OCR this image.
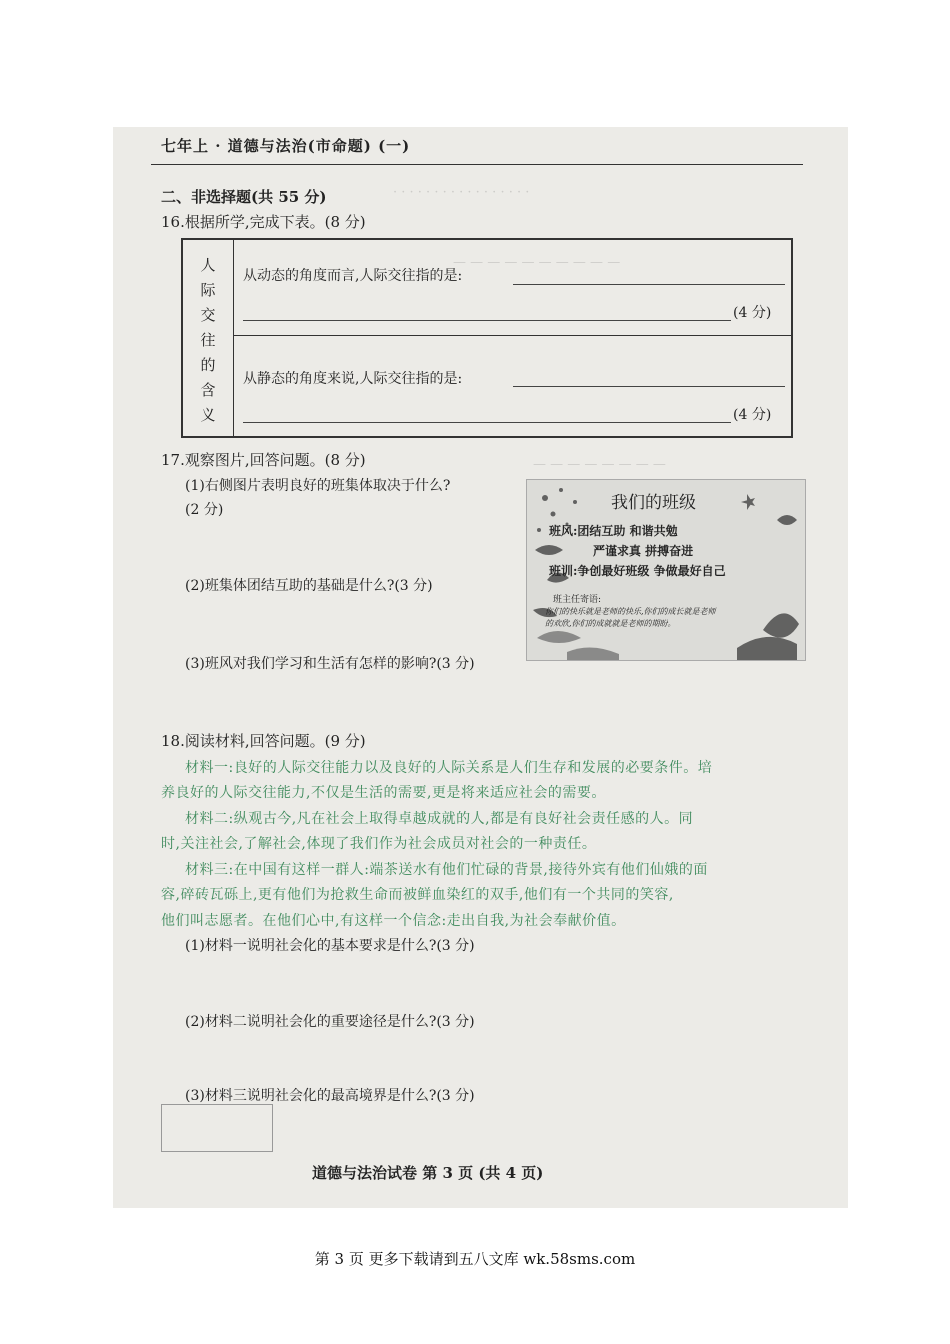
· · · · · · · · · · · · · · · · ·
— — — — — — — — — —
— — — — — — — —
七年上 · 道德与法治(市命题) (一)
二、非选择题(共 55 分)
16.根据所学,完成下表。(8 分)
人
际
交
往
的
含
义
从动态的角度而言,人际交往指的是:
(4 分)
从静态的角度来说,人际交往指的是:
(4 分)
17.观察图片,回答问题。(8 分)
(1)右侧图片表明良好的班集体取决于什么?
(2 分)
(2)班集体团结互助的基础是什么?(3 分)
(3)班风对我们学习和生活有怎样的影响?(3 分)
我们的班级
班风:团结互助 和谐共勉
严谨求真 拼搏奋进
班训:争创最好班级 争做最好自己
班主任寄语:
你们的快乐就是老师的快乐,你们的成长就是老师
的欢欣,你们的成就就是老师的期盼。
18.阅读材料,回答问题。(9 分)
材料一:良好的人际交往能力以及良好的人际关系是人们生存和发展的必要条件。培
养良好的人际交往能力,不仅是生活的需要,更是将来适应社会的需要。
材料二:纵观古今,凡在社会上取得卓越成就的人,都是有良好社会责任感的人。同
时,关注社会,了解社会,体现了我们作为社会成员对社会的一种责任。
材料三:在中国有这样一群人:端茶送水有他们忙碌的背景,接待外宾有他们仙娥的面
容,碎砖瓦砾上,更有他们为抢救生命而被鲜血染红的双手,他们有一个共同的笑容,
他们叫志愿者。在他们心中,有这样一个信念:走出自我,为社会奉献价值。
(1)材料一说明社会化的基本要求是什么?(3 分)
(2)材料二说明社会化的重要途径是什么?(3 分)
(3)材料三说明社会化的最高境界是什么?(3 分)
道德与法治试卷 第 3 页 (共 4 页)
第 3 页 更多下载请到五八文库 wk.58sms.com
